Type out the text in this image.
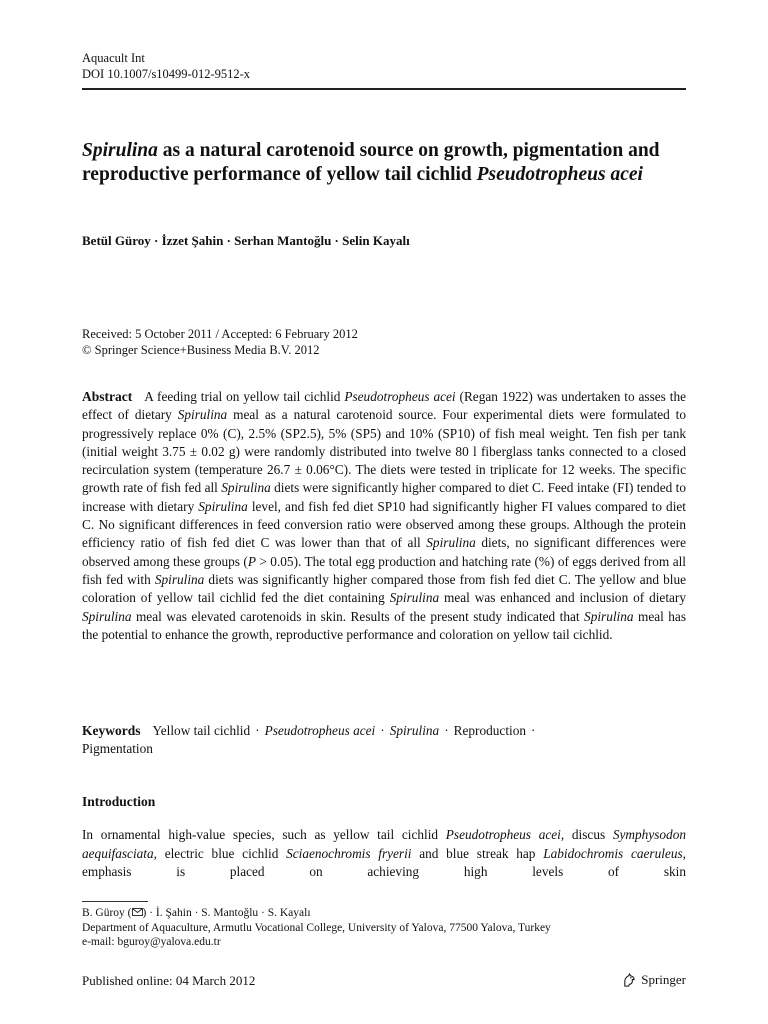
Aquacult Int
DOI 10.1007/s10499-012-9512-x
Spirulina as a natural carotenoid source on growth, pigmentation and reproductive performance of yellow tail cichlid Pseudotropheus acei
Betül Güroy · İzzet Şahin · Serhan Mantoğlu · Selin Kayalı
Received: 5 October 2011 / Accepted: 6 February 2012
© Springer Science+Business Media B.V. 2012

Abstract A feeding trial on yellow tail cichlid Pseudotropheus acei (Regan 1922) was undertaken to asses the effect of dietary Spirulina meal as a natural carotenoid source. Four experimental diets were formulated to progressively replace 0% (C), 2.5% (SP2.5), 5% (SP5) and 10% (SP10) of fish meal weight. Ten fish per tank (initial weight 3.75 ± 0.02 g) were randomly distributed into twelve 80 l fiberglass tanks connected to a closed recirculation system (temperature 26.7 ± 0.06°C). The diets were tested in triplicate for 12 weeks. The specific growth rate of fish fed all Spirulina diets were significantly higher compared to diet C. Feed intake (FI) tended to increase with dietary Spirulina level, and fish fed diet SP10 had significantly higher FI values compared to diet C. No significant differences in feed conversion ratio were observed among these groups. Although the protein efficiency ratio of fish fed diet C was lower than that of all Spirulina diets, no significant differences were observed among these groups (P > 0.05). The total egg production and hatching rate (%) of eggs derived from all fish fed with Spirulina diets was significantly higher compared those from fish fed diet C. The yellow and blue coloration of yellow tail cichlid fed the diet containing Spirulina meal was enhanced and inclusion of dietary Spirulina meal was elevated carotenoids in skin. Results of the present study indicated that Spirulina meal has the potential to enhance the growth, reproductive performance and coloration on yellow tail cichlid.

Keywords Yellow tail cichlid · Pseudotropheus acei · Spirulina · Reproduction ·
Pigmentation

Introduction

In ornamental high-value species, such as yellow tail cichlid Pseudotropheus acei, discus Symphysodon aequifasciata, electric blue cichlid Sciaenochromis fryerii and blue streak hap Labidochromis caeruleus, emphasis is placed on achieving high levels of skin

B. Güroy ( ) · İ. Şahin · S. Mantoğlu · S. Kayalı
Department of Aquaculture, Armutlu Vocational College, University of Yalova, 77500 Yalova, Turkey
e-mail: bguroy@yalova.edu.tr
Published online: 04 March 2012	Springer
